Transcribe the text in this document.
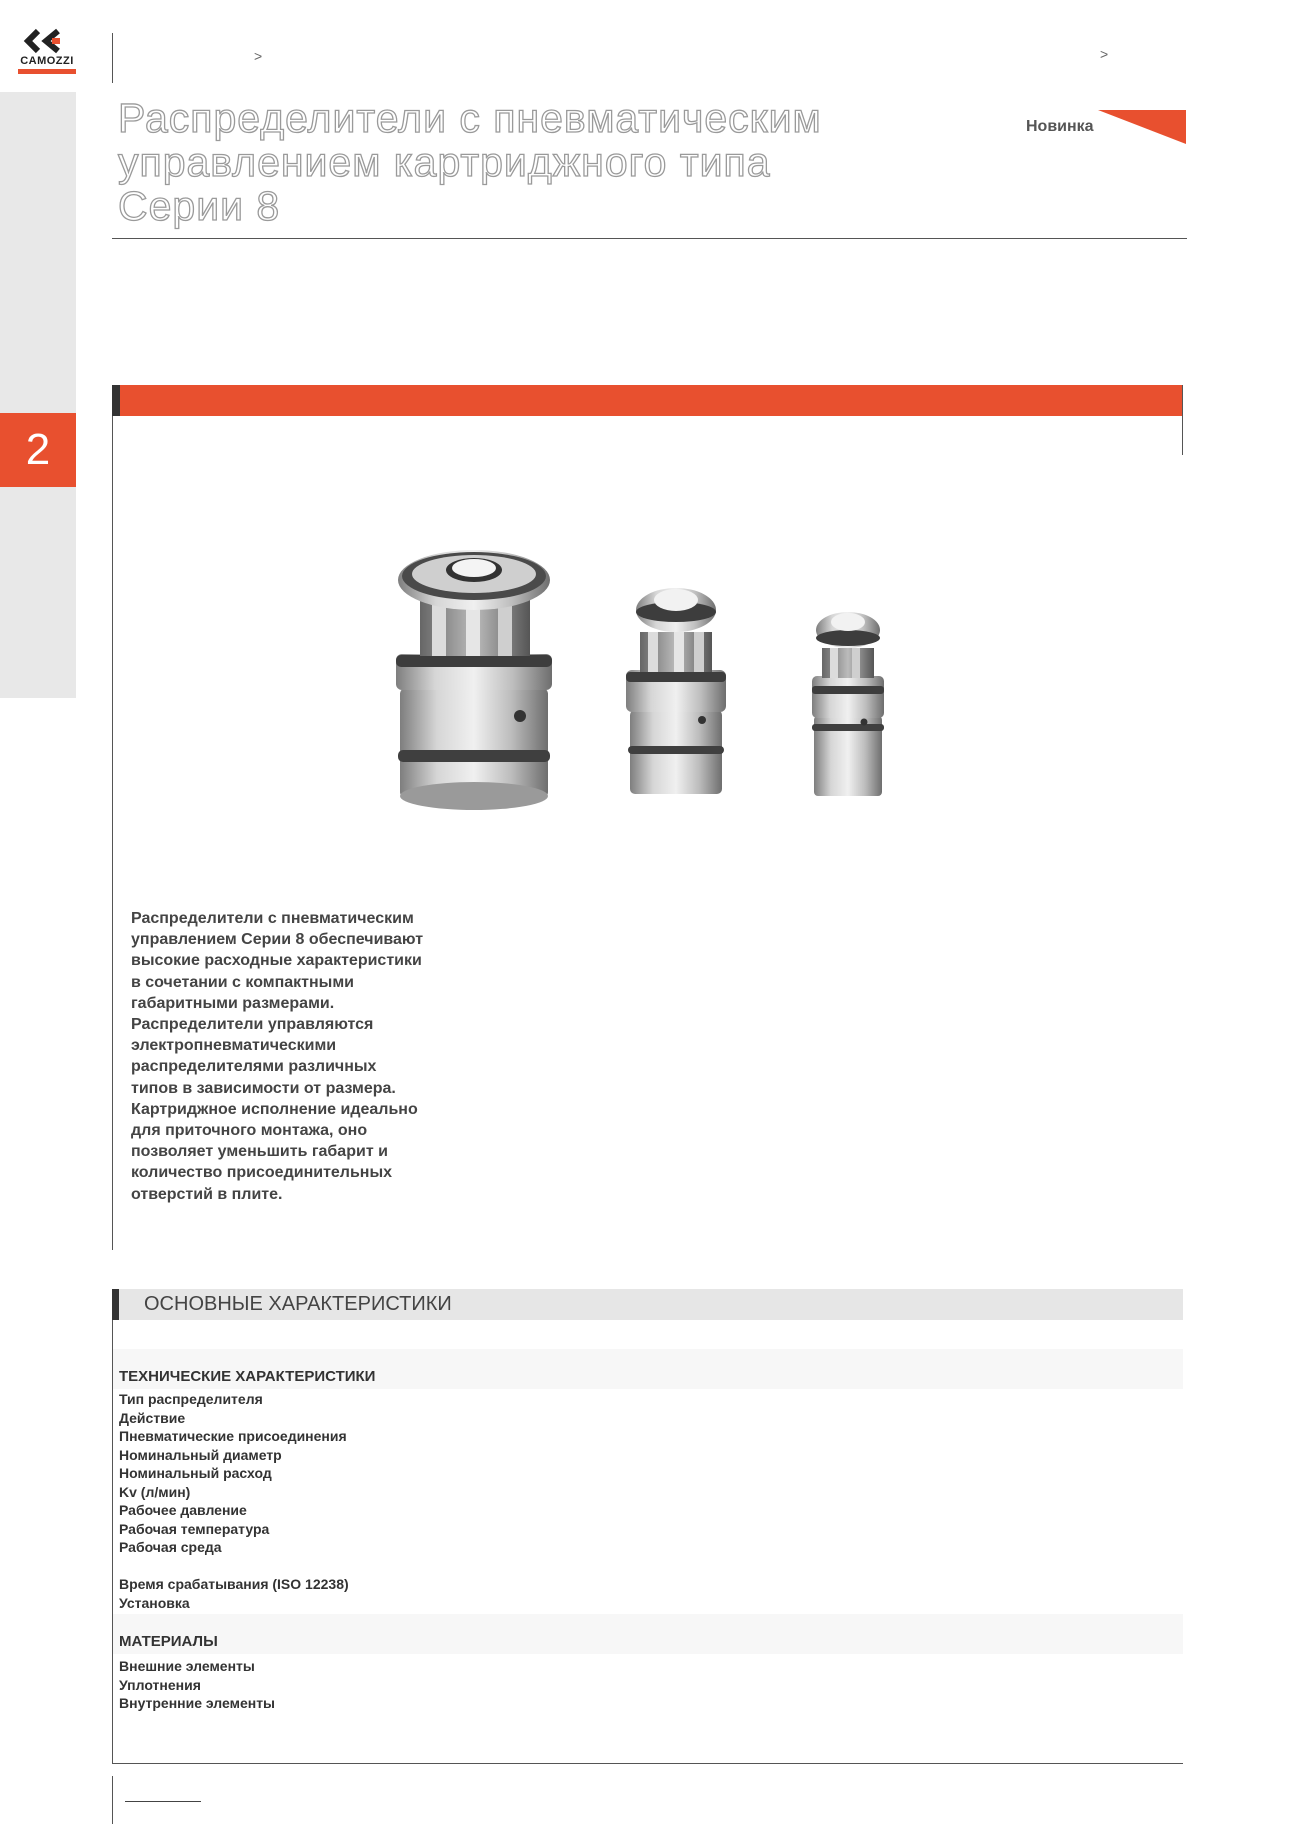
CAMOZZI	>	>
Распределители с пневматическим
управлением картриджного типа
Серии 8
Новинка
2

Распределители с пневматическим
управлением Серии 8 обеспечивают
высокие расходные характеристики
в сочетании с компактными
габаритными размерами.
Распределители управляются
электропневматическими
распределителями различных
типов в зависимости от размера.
Картриджное исполнение идеально
для приточного монтажа, оно
позволяет уменьшить габарит и
количество присоединительных
отверстий в плите.

ОСНОВНЫЕ ХАРАКТЕРИСТИКИ
ТЕХНИЧЕСКИЕ ХАРАКТЕРИСТИКИ
Тип распределителя
Действие
Пневматические присоединения
Номинальный диаметр
Номинальный расход
Kv (л/мин)
Рабочее давление
Рабочая температура
Рабочая среда
Время срабатывания (ISO 12238)
Установка
МАТЕРИАЛЫ
Внешние элементы
Уплотнения
Внутренние элементы
